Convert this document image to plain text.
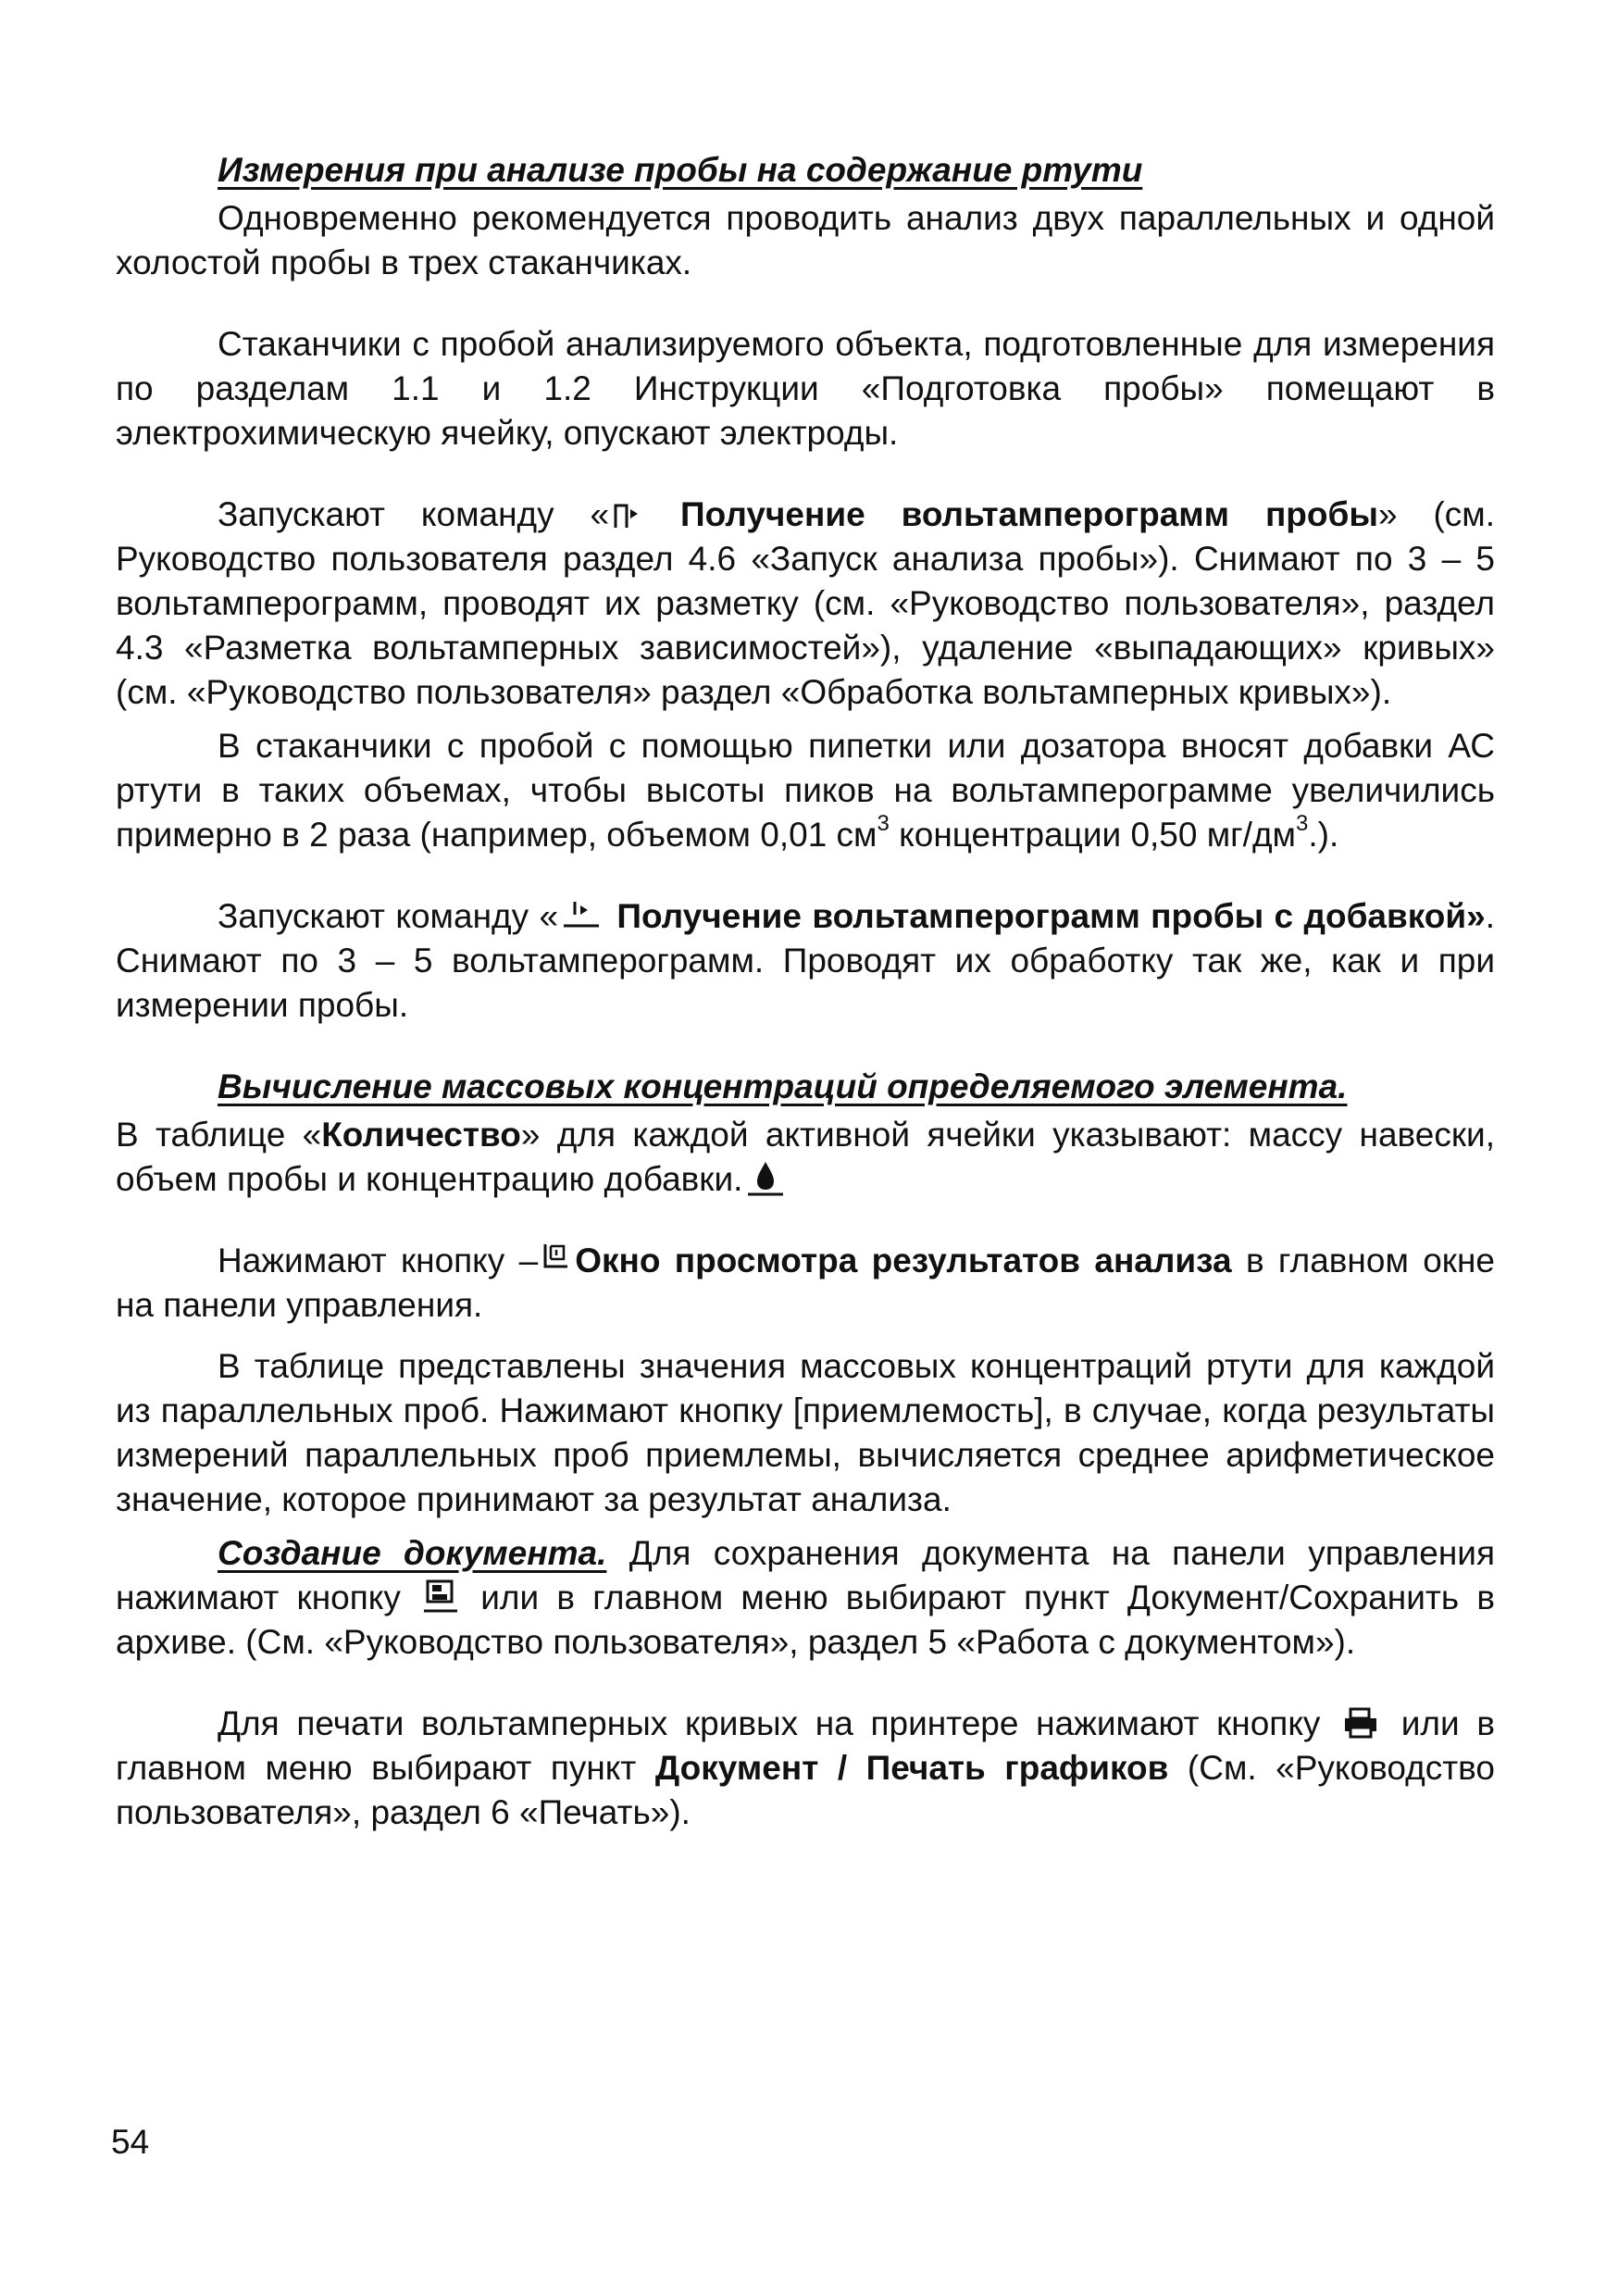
Измерения при анализе пробы на содержание ртути

Одновременно рекомендуется проводить анализ двух параллельных и одной холостой пробы в трех стаканчиках.

Стаканчики с пробой анализируемого объекта, подготовленные для измерения по разделам 1.1 и 1.2 Инструкции «Подготовка пробы» помещают в электрохимическую ячейку, опускают электроды.

Запускают команду «
Получение вольтамперограмм пробы» (см. Руководство пользователя раздел 4.6 «Запуск анализа пробы»). Снимают по 3 – 5 вольтамперограмм, проводят их разметку (см. «Руководство пользователя», раздел 4.3 «Разметка вольтамперных зависимостей»), удаление «выпадающих» кривых» (см. «Руководство пользователя» раздел «Обработка вольтамперных кривых»).

В стаканчики с пробой с помощью пипетки или дозатора вносят добавки АС ртути в таких объемах, чтобы высоты пиков на вольтамперограмме увеличились примерно в 2 раза (например, объемом 0,01 $см^3$ концентрации 0,50 $мг/дм^3$.).

Запускают команду «
Получение вольтамперограмм пробы с добавкой». Снимают по 3 – 5 вольтамперограмм. Проводят их обработку так же, как и при измерении пробы.

Вычисление массовых концентраций определяемого элемента.

В таблице «Количество» для каждой активной ячейки указывают: массу навески, объем пробы и концентрацию добавки.

Нажимают кнопку – Окно просмотра результатов анализа в главном окне на панели управления.

В таблице представлены значения массовых концентраций ртути для каждой из параллельных проб. Нажимают кнопку [приемлемость], в случае, когда результаты измерений параллельных проб приемлемы, вычисляется среднее арифметическое значение, которое принимают за результат анализа.

Создание документа. Для сохранения документа на панели управления нажимают кнопку
или в главном меню выбирают пункт Документ/Сохранить в архиве. (См. «Руководство пользователя», раздел 5 «Работа с документом»).

Для печати вольтамперных кривых на принтере нажимают кнопку
или в главном меню выбирают пункт Документ / Печать графиков (См. «Руководство пользователя», раздел 6 «Печать»).

54
